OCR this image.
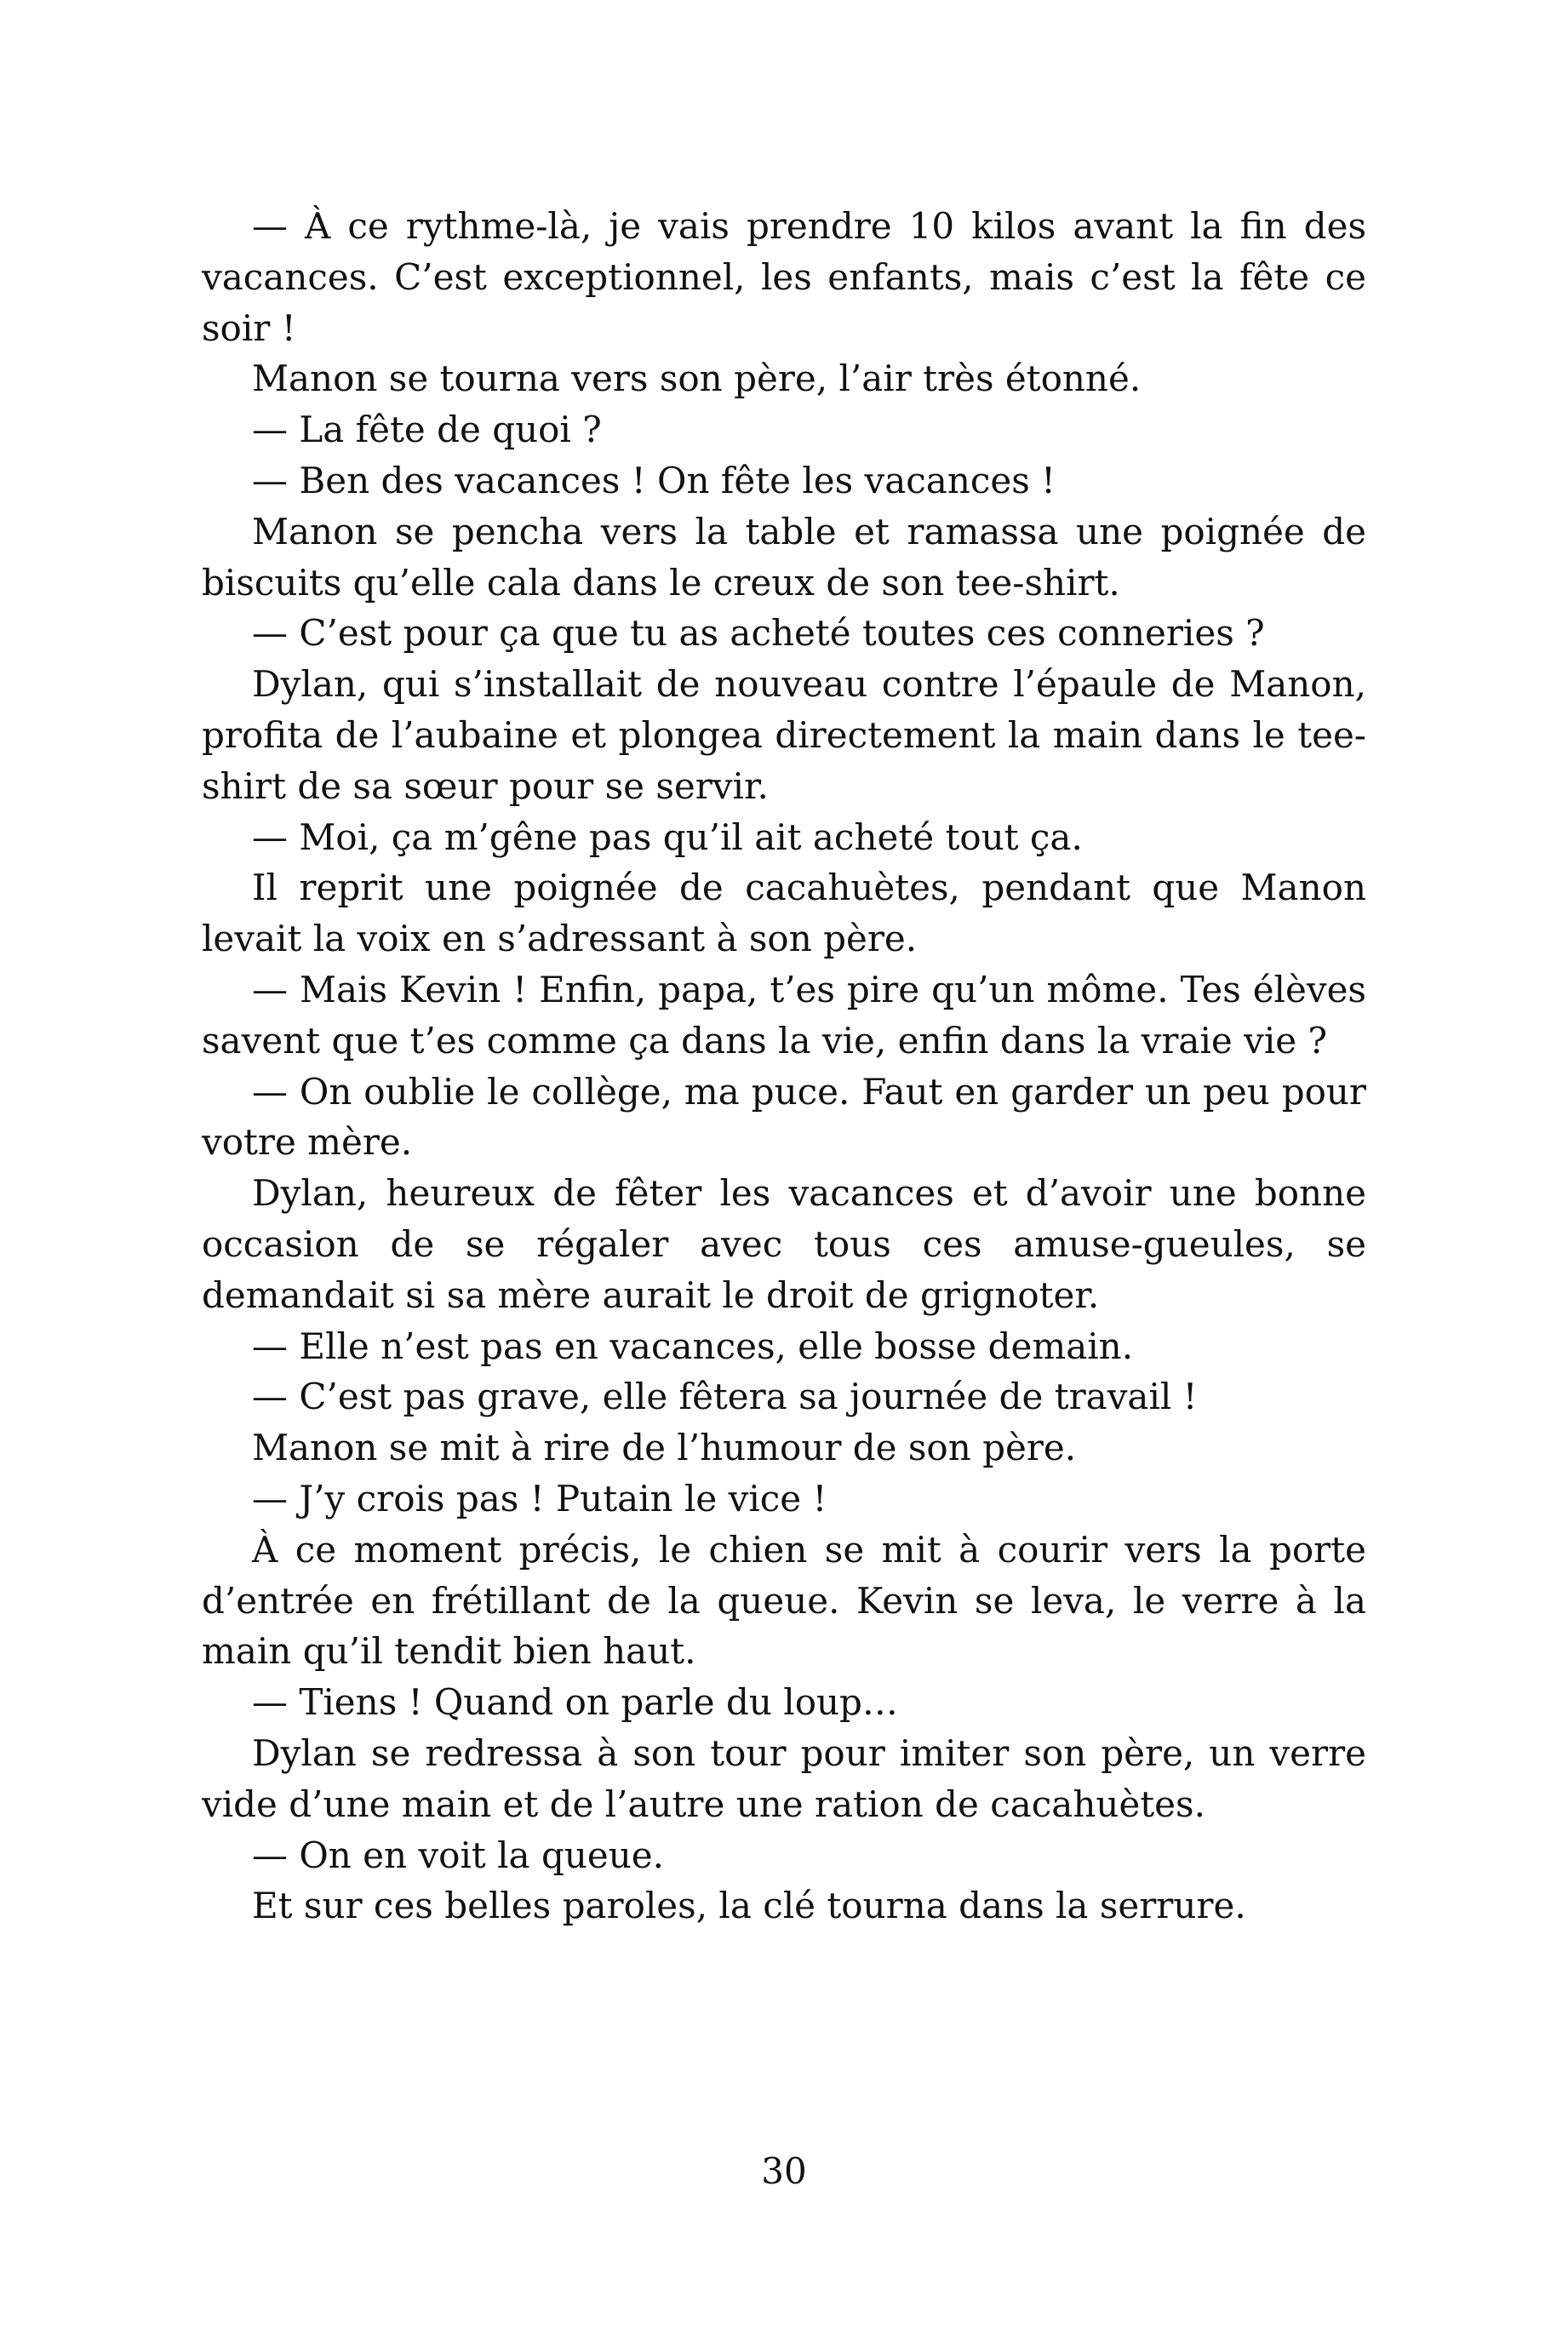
— À ce rythme-là, je vais prendre 10 kilos avant la fin des vacances. C’est exceptionnel, les enfants, mais c’est la fête ce soir !

Manon se tourna vers son père, l’air très étonné.

— La fête de quoi ?

— Ben des vacances ! On fête les vacances !

Manon se pencha vers la table et ramassa une poignée de biscuits qu’elle cala dans le creux de son tee-shirt.

— C’est pour ça que tu as acheté toutes ces conneries ?

Dylan, qui s’installait de nouveau contre l’épaule de Manon, profita de l’aubaine et plongea directement la main dans le tee-shirt de sa sœur pour se servir.

— Moi, ça m’gêne pas qu’il ait acheté tout ça.

Il reprit une poignée de cacahuètes, pendant que Manon levait la voix en s’adressant à son père.

— Mais Kevin ! Enfin, papa, t’es pire qu’un môme. Tes élèves savent que t’es comme ça dans la vie, enfin dans la vraie vie ?

— On oublie le collège, ma puce. Faut en garder un peu pour votre mère.

Dylan, heureux de fêter les vacances et d’avoir une bonne occasion de se régaler avec tous ces amuse-gueules, se demandait si sa mère aurait le droit de grignoter.

— Elle n’est pas en vacances, elle bosse demain.

— C’est pas grave, elle fêtera sa journée de travail !

Manon se mit à rire de l’humour de son père.

— J’y crois pas ! Putain le vice !

À ce moment précis, le chien se mit à courir vers la porte d’entrée en frétillant de la queue. Kevin se leva, le verre à la main qu’il tendit bien haut.

— Tiens ! Quand on parle du loup…

Dylan se redressa à son tour pour imiter son père, un verre vide d’une main et de l’autre une ration de cacahuètes.

— On en voit la queue.

Et sur ces belles paroles, la clé tourna dans la serrure.

30
